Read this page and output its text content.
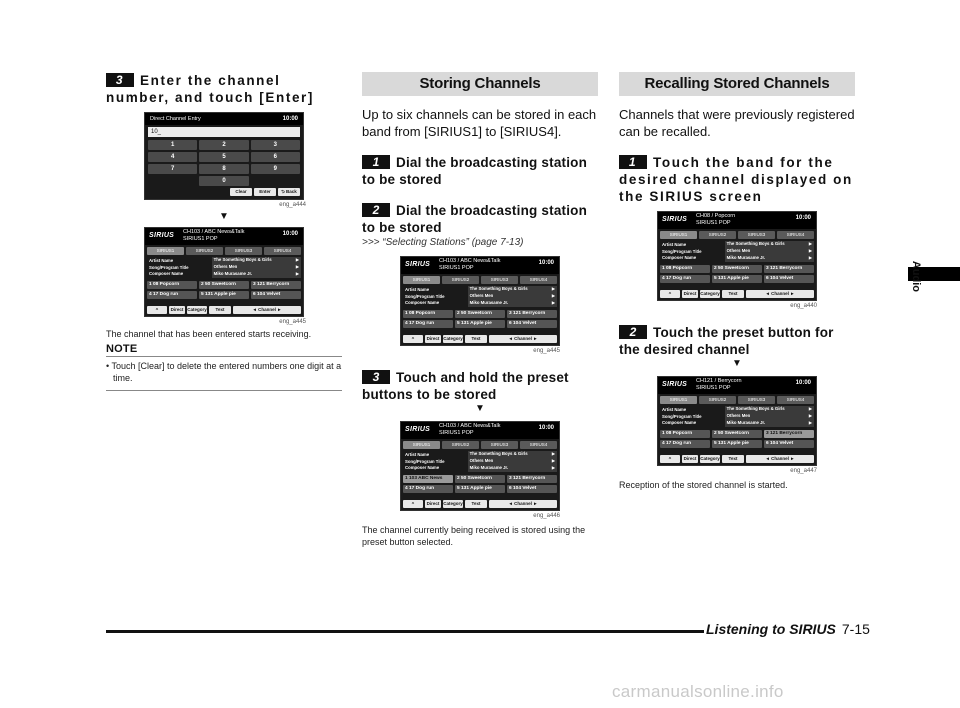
Audio
3 Enter the channel number, and touch [Enter]
Direct Channel Entry	10:00
10_
1	2	3
4	5	6
7	8	9
0
Clear	Enter	⮌ Back
eng_a444
▼
SIRIUS CH103 / ABC News&Talk
SIRIUS1 POP
10:00
SIRIUS1	SIRIUS2	SIRIUS3	SIRIUS4
Artist Name
Song/Program Title
Composer Name
The Something Boys & Girls	▶
Others Men	▶
Miko Murasame Jr.	▶
1 08 Popcorn	2 50 Sweetcorn	3 121 Berrycorn
4 17 Dog run	5 131 Apple pie	6 104 Velvet
^	Direct Category	Text	◄ Channel ►
eng_a445
The channel that has been entered starts receiving.
NOTE
• Touch [Clear] to delete the entered numbers one digit at a time.
Storing Channels
Up to six channels can be stored in each band from [SIRIUS1] to [SIRIUS4].
1 Dial the broadcasting station to be stored
2 Dial the broadcasting station to be stored
>>> “Selecting Stations” (page 7-13)
SIRIUS CH103 / ABC News&Talk
SIRIUS1 POP
10:00
SIRIUS1	SIRIUS2	SIRIUS3	SIRIUS4
Artist Name
Song/Program Title
Composer Name
The Something Boys & Girls	▶
Others Men	▶
Miko Murasame Jr.	▶
1 08 Popcorn	2 50 Sweetcorn	3 121 Berrycorn
4 17 Dog run	5 131 Apple pie	6 104 Velvet
^	Direct Category	Text	◄ Channel ►
eng_a445
3 Touch and hold the preset buttons to be stored
▼
SIRIUS CH103 / ABC News&Talk
SIRIUS1 POP
10:00
SIRIUS1	SIRIUS2	SIRIUS3	SIRIUS4
Artist Name
Song/Program Title
Composer Name
The Something Boys & Girls	▶
Others Men	▶
Miko Murasame Jr.	▶
1 103 ABC News	2 50 Sweetcorn	3 121 Berrycorn
4 17 Dog run	5 131 Apple pie	6 104 Velvet
^	Direct Category	Text	◄ Channel ►
eng_a446
The channel currently being received is stored using the preset button selected.
Recalling Stored Channels
Channels that were previously registered can be recalled.
1 Touch the band for the desired channel displayed on the SIRIUS screen
SIRIUS CH08 / Popcorn
SIRIUS1 POP
10:00
SIRIUS1	SIRIUS2	SIRIUS3	SIRIUS4
Artist Name
Song/Program Title
Composer Name
The Something Boys & Girls	▶
Others Men	▶
Miko Murasame Jr.	▶
1 08 Popcorn	2 50 Sweetcorn	3 121 Berrycorn
4 17 Dog run	5 131 Apple pie	6 104 Velvet
^	Direct Category	Text	◄ Channel ►
eng_a440
2 Touch the preset button for the desired channel
▼
SIRIUS CH121 / Berrycorn
SIRIUS1 POP
10:00
SIRIUS1	SIRIUS2	SIRIUS3	SIRIUS4
Artist Name
Song/Program Title
Composer Name
The Something Boys & Girls	▶
Others Men	▶
Miko Murasame Jr.	▶
1 08 Popcorn	2 50 Sweetcorn	3 121 Berrycorn
4 17 Dog run	5 131 Apple pie	6 104 Velvet
^	Direct Category	Text	◄ Channel ►
eng_a447
Reception of the stored channel is started.
Listening to SIRIUS 7-15
carmanualsonline.info
